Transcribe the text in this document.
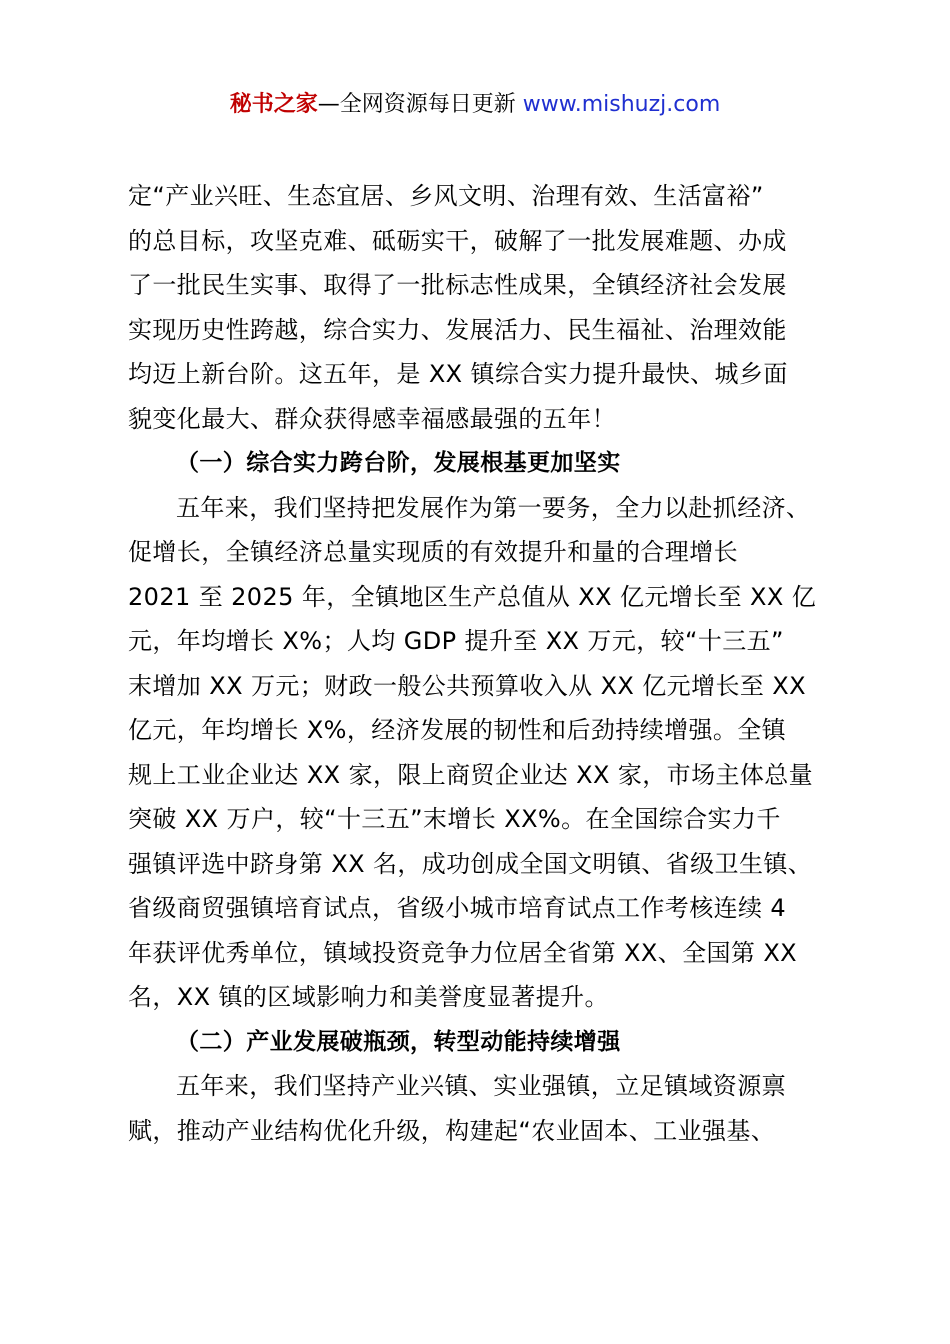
秘书之家—全网资源每日更新 www.mishuzj.com
定“产业兴旺、生态宜居、乡风文明、治理有效、生活富裕”
的总目标，攻坚克难、砥砺实干，破解了一批发展难题、办成
了一批民生实事、取得了一批标志性成果，全镇经济社会发展
实现历史性跨越，综合实力、发展活力、民生福祉、治理效能
均迈上新台阶。这五年，是 XX 镇综合实力提升最快、城乡面
貌变化最大、群众获得感幸福感最强的五年！
（一）综合实力跨台阶，发展根基更加坚实
五年来，我们坚持把发展作为第一要务，全力以赴抓经济、
促增长，全镇经济总量实现质的有效提升和量的合理增长
2021 至 2025 年，全镇地区生产总值从 XX 亿元增长至 XX 亿
元，年均增长 X%；人均 GDP 提升至 XX 万元，较“十三五”
末增加 XX 万元；财政一般公共预算收入从 XX 亿元增长至 XX
亿元，年均增长 X%，经济发展的韧性和后劲持续增强。全镇
规上工业企业达 XX 家，限上商贸企业达 XX 家，市场主体总量
突破 XX 万户，较“十三五”末增长 XX%。在全国综合实力千
强镇评选中跻身第 XX 名，成功创成全国文明镇、省级卫生镇、
省级商贸强镇培育试点，省级小城市培育试点工作考核连续 4
年获评优秀单位，镇域投资竞争力位居全省第 XX、全国第 XX
名，XX 镇的区域影响力和美誉度显著提升。
（二）产业发展破瓶颈，转型动能持续增强
五年来，我们坚持产业兴镇、实业强镇，立足镇域资源禀
赋，推动产业结构优化升级，构建起“农业固本、工业强基、
